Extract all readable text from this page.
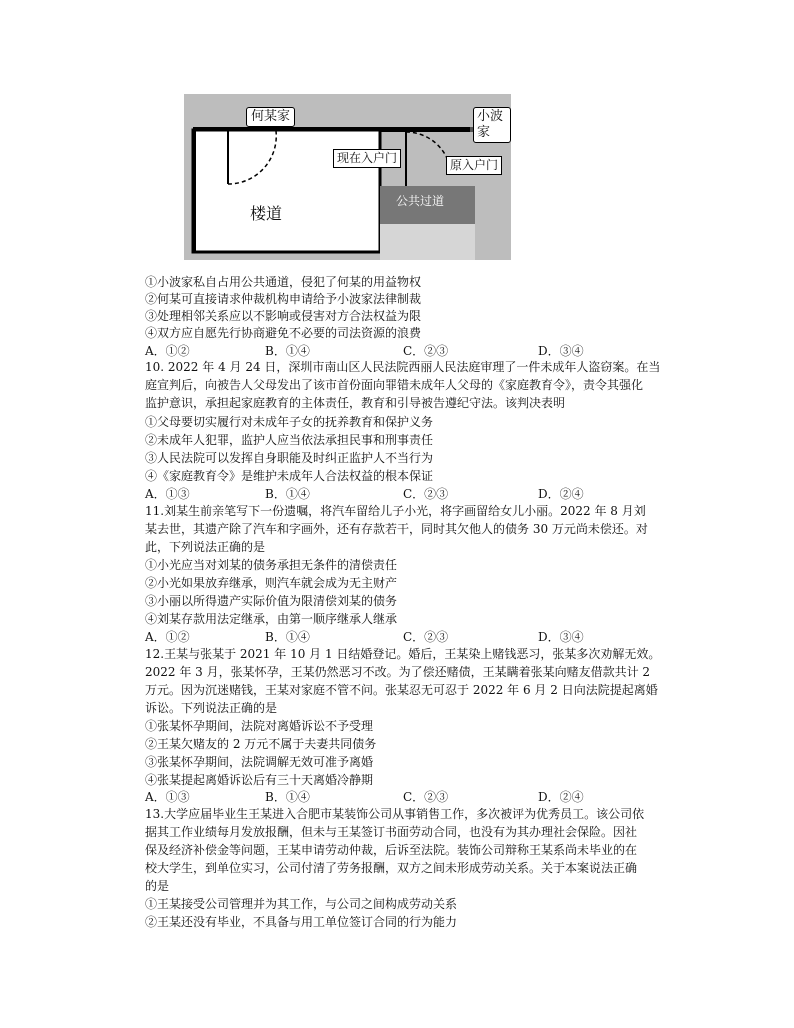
何某家	小波家
现在入户门	原入户门
楼道
公共过道
①小波家私自占用公共通道，侵犯了何某的用益物权
②何某可直接请求仲裁机构申请给予小波家法律制裁
③处理相邻关系应以不影响或侵害对方合法权益为限
④双方应自愿先行协商避免不必要的司法资源的浪费
A．①②	B．①④	C．②③	D．③④
10. 2022 年 4 月 24 日，深圳市南山区人民法院西丽人民法庭审理了一件未成年人盗窃案。在当
庭宣判后，向被告人父母发出了该市首份面向罪错未成年人父母的《家庭教育令》，责令其强化
监护意识，承担起家庭教育的主体责任，教育和引导被告遵纪守法。该判决表明
①父母要切实履行对未成年子女的抚养教育和保护义务
②未成年人犯罪，监护人应当依法承担民事和刑事责任
③人民法院可以发挥自身职能及时纠正监护人不当行为
④《家庭教育令》是维护未成年人合法权益的根本保证
A．①③	B．①④	C．②③	D．②④
11.刘某生前亲笔写下一份遗嘱，将汽车留给儿子小光，将字画留给女儿小丽。2022 年 8 月刘
某去世，其遗产除了汽车和字画外，还有存款若干，同时其欠他人的债务 30 万元尚未偿还。对
此，下列说法正确的是
①小光应当对刘某的债务承担无条件的清偿责任
②小光如果放弃继承，则汽车就会成为无主财产
③小丽以所得遗产实际价值为限清偿刘某的债务
④刘某存款用法定继承，由第一顺序继承人继承
A．①②	B．①④	C．②③	D．③④
12.王某与张某于 2021 年 10 月 1 日结婚登记。婚后，王某染上赌钱恶习，张某多次劝解无效。
2022 年 3 月，张某怀孕，王某仍然恶习不改。为了偿还赌债，王某瞒着张某向赌友借款共计 2
万元。因为沉迷赌钱，王某对家庭不管不问。张某忍无可忍于 2022 年 6 月 2 日向法院提起离婚
诉讼。下列说法正确的是
①张某怀孕期间，法院对离婚诉讼不予受理
②王某欠赌友的 2 万元不属于夫妻共同债务
③张某怀孕期间，法院调解无效可准予离婚
④张某提起离婚诉讼后有三十天离婚冷静期
A．①③	B．①④	C．②③	D．②④
13.大学应届毕业生王某进入合肥市某装饰公司从事销售工作，多次被评为优秀员工。该公司依
据其工作业绩每月发放报酬，但未与王某签订书面劳动合同，也没有为其办理社会保险。因社
保及经济补偿金等问题，王某申请劳动仲裁，后诉至法院。装饰公司辩称王某系尚未毕业的在
校大学生，到单位实习，公司付清了劳务报酬，双方之间未形成劳动关系。关于本案说法正确
的是
①王某接受公司管理并为其工作，与公司之间构成劳动关系
②王某还没有毕业，不具备与用工单位签订合同的行为能力
